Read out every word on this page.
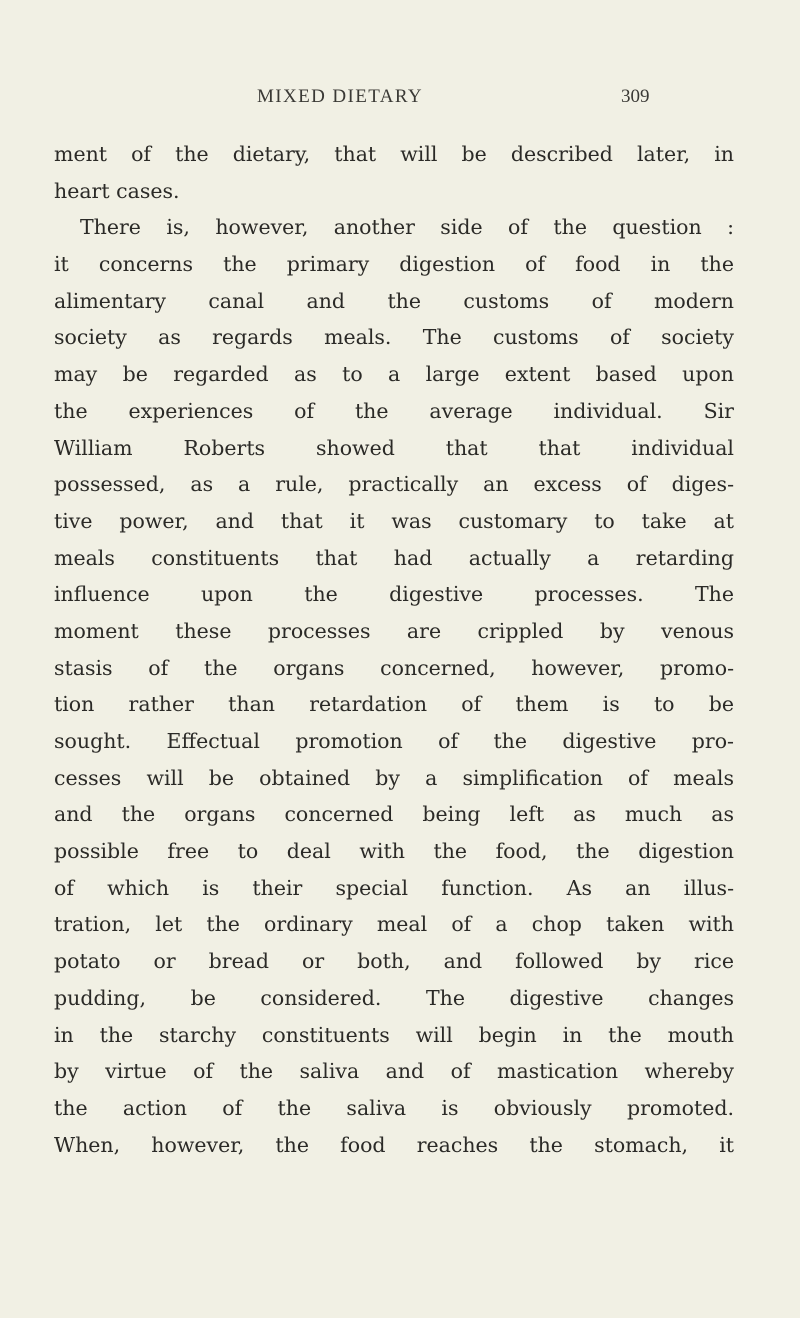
MIXED DIETARY	309
ment of the dietary, that will be described later, in
heart cases.
There is, however, another side of the question :
it concerns the primary digestion of food in the
alimentary canal and the customs of modern
society as regards meals. The customs of society
may be regarded as to a large extent based upon
the experiences of the average individual. Sir
William Roberts showed that that individual
possessed, as a rule, practically an excess of diges-
tive power, and that it was customary to take at
meals constituents that had actually a retarding
influence upon the digestive processes. The
moment these processes are crippled by venous
stasis of the organs concerned, however, promo-
tion rather than retardation of them is to be
sought. Effectual promotion of the digestive pro-
cesses will be obtained by a simplification of meals
and the organs concerned being left as much as
possible free to deal with the food, the digestion
of which is their special function. As an illus-
tration, let the ordinary meal of a chop taken with
potato or bread or both, and followed by rice
pudding, be considered. The digestive changes
in the starchy constituents will begin in the mouth
by virtue of the saliva and of mastication whereby
the action of the saliva is obviously promoted.
When, however, the food reaches the stomach, it
